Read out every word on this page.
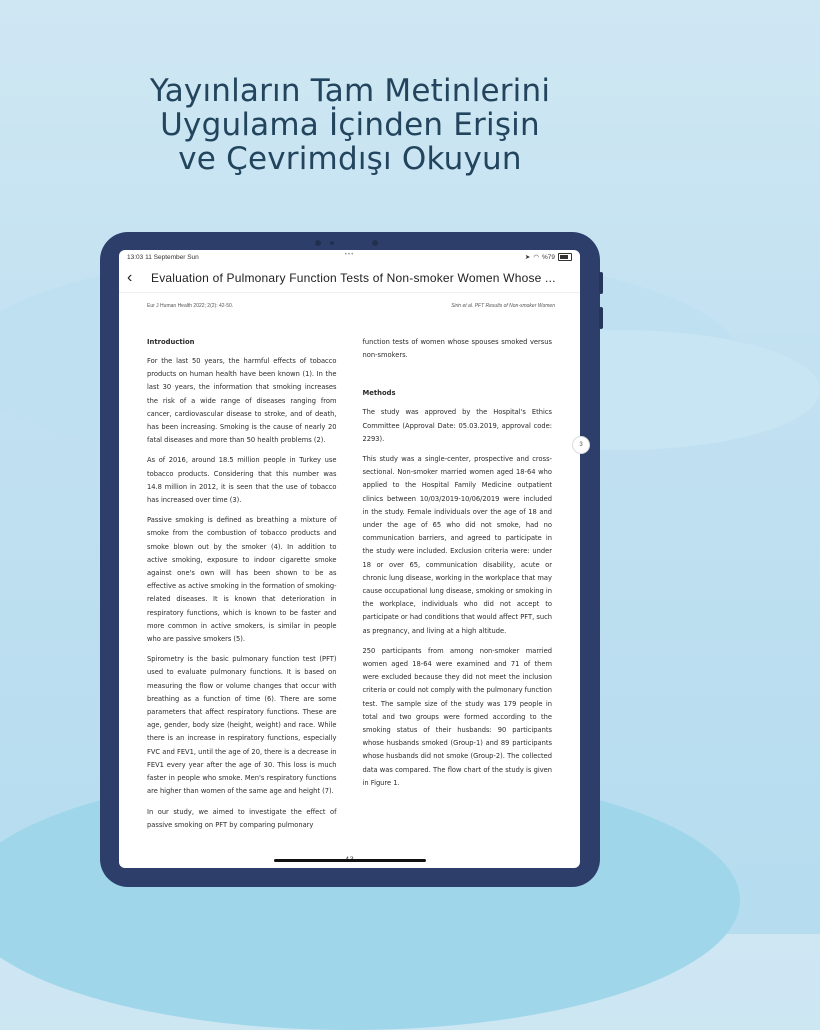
Yayınların Tam Metinlerini
Uygulama İçinden Erişin
ve Çevrimdışı Okuyun
13:03 11 September Sun	•••	➤ ◠ %79
‹	Evaluation of Pulmonary Function Tests of Non-smoker Women Whose ...
Eur J Human Health 2022; 2(2): 42-50.	Sirin et al. PFT Results of Non-smoker Women
Introduction

For the last 50 years, the harmful effects of tobacco products on human health have been known (1). In the last 30 years, the information that smoking increases the risk of a wide range of diseases ranging from cancer, cardiovascular disease to stroke, and of death, has been increasing. Smoking is the cause of nearly 20 fatal diseases and more than 50 health problems (2).

As of 2016, around 18.5 million people in Turkey use tobacco products. Considering that this number was 14.8 million in 2012, it is seen that the use of tobacco has increased over time (3).

Passive smoking is defined as breathing a mixture of smoke from the combustion of tobacco products and smoke blown out by the smoker (4). In addition to active smoking, exposure to indoor cigarette smoke against one's own will has been shown to be as effective as active smoking in the formation of smoking-related diseases. It is known that deterioration in respiratory functions, which is known to be faster and more common in active smokers, is similar in people who are passive smokers (5).

Spirometry is the basic pulmonary function test (PFT) used to evaluate pulmonary functions. It is based on measuring the flow or volume changes that occur with breathing as a function of time (6). There are some parameters that affect respiratory functions. These are age, gender, body size (height, weight) and race. While there is an increase in respiratory functions, especially FVC and FEV1, until the age of 20, there is a decrease in FEV1 every year after the age of 30. This loss is much faster in people who smoke. Men's respiratory functions are higher than women of the same age and height (7).

In our study, we aimed to investigate the effect of passive smoking on PFT by comparing pulmonary

function tests of women whose spouses smoked versus non-smokers.

Methods

The study was approved by the Hospital's Ethics Committee (Approval Date: 05.03.2019, approval code: 2293).

This study was a single-center, prospective and cross-sectional. Non-smoker married women aged 18-64 who applied to the Hospital Family Medicine outpatient clinics between 10/03/2019-10/06/2019 were included in the study. Female individuals over the age of 18 and under the age of 65 who did not smoke, had no communication barriers, and agreed to participate in the study were included. Exclusion criteria were: under 18 or over 65, communication disability, acute or chronic lung disease, working in the workplace that may cause occupational lung disease, smoking or smoking in the workplace, individuals who did not accept to participate or had conditions that would affect PFT, such as pregnancy, and living at a high altitude.

250 participants from among non-smoker married women aged 18-64 were examined and 71 of them were excluded because they did not meet the inclusion criteria or could not comply with the pulmonary function test. The sample size of the study was 179 people in total and two groups were formed according to the smoking status of their husbands: 90 participants whose husbands smoked (Group-1) and 89 participants whose husbands did not smoke (Group-2). The collected data was compared. The flow chart of the study is given in Figure 1.

3
